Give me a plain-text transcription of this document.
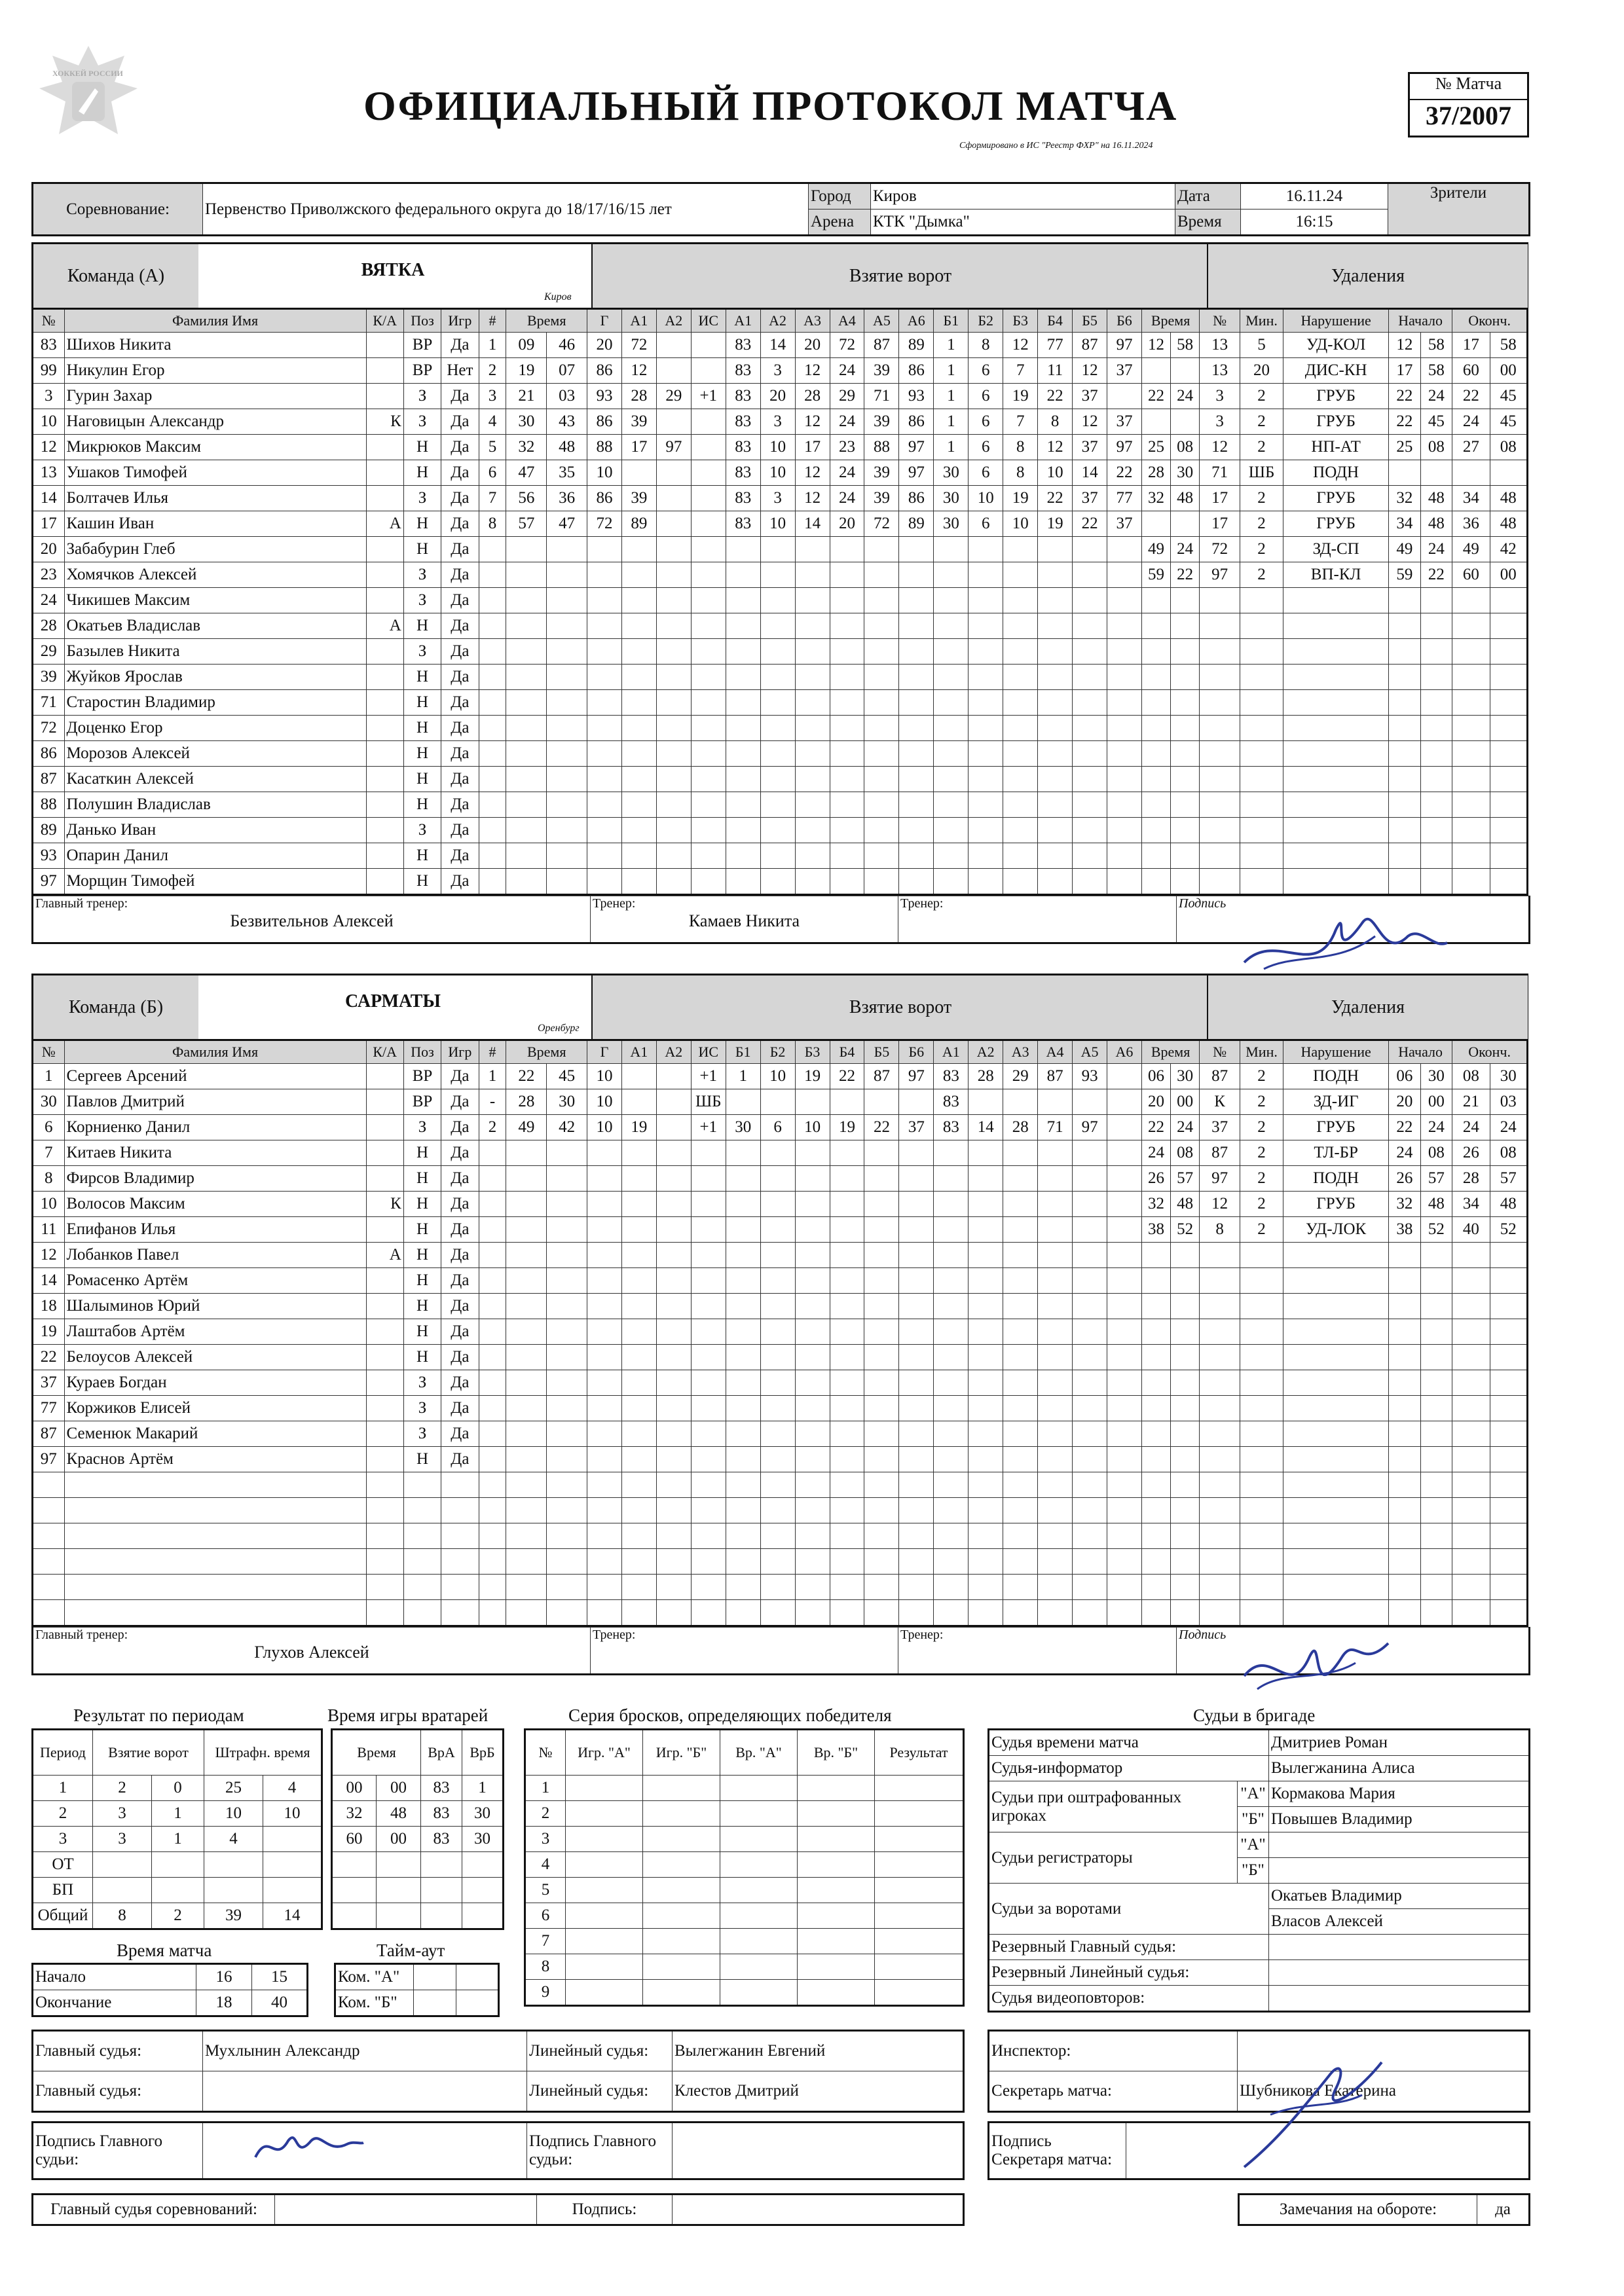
ХОККЕЙ РОССИИ
ОФИЦИАЛЬНЫЙ ПРОТОКОЛ МАТЧА
Сформировано в ИС "Реестр ФХР" на 16.11.2024
№ Матча
37/2007
Соревнование:	Первенство Приволжского федерального округа до 18/17/16/15 лет	Город	Киров	Дата	16.11.24	Зрители
		Арена	КТК "Дымка"	Время	16:15	
Команда (А)	ВЯТКА
Киров
Взятие ворот	Удаления
№	Фамилия Имя	К/А	Поз	Игр	#	Время		Г	А1	А2	ИС	А1	А2	А3	А4	А5	А6	Б1	Б2	Б3	Б4	Б5	Б6	Время		№	Мин.	Нарушение	Начало		Оконч.	
83	Шихов Никита		ВР	Да	1	09	46	20	72			83	14	20	72	87	89	1	8	12	77	87	97	12	58	13	5	УД-КОЛ	12	58	17	58
99	Никулин Егор		ВР	Нет	2	19	07	86	12			83	3	12	24	39	86	1	6	7	11	12	37			13	20	ДИС-КН	17	58	60	00
3	Гурин Захар		З	Да	3	21	03	93	28	29	+1	83	20	28	29	71	93	1	6	19	22	37		22	24	3	2	ГРУБ	22	24	22	45
10	Наговицын Александр	К	З	Да	4	30	43	86	39			83	3	12	24	39	86	1	6	7	8	12	37			3	2	ГРУБ	22	45	24	45
12	Микрюков Максим		Н	Да	5	32	48	88	17	97		83	10	17	23	88	97	1	6	8	12	37	97	25	08	12	2	НП-АТ	25	08	27	08
13	Ушаков Тимофей		Н	Да	6	47	35	10				83	10	12	24	39	97	30	6	8	10	14	22	28	30	71	ШБ	ПОДН				
14	Болтачев Илья		З	Да	7	56	36	86	39			83	3	12	24	39	86	30	10	19	22	37	77	32	48	17	2	ГРУБ	32	48	34	48
17	Кашин Иван	А	Н	Да	8	57	47	72	89			83	10	14	20	72	89	30	6	10	19	22	37			17	2	ГРУБ	34	48	36	48
20	Забабурин Глеб		Н	Да																				49	24	72	2	ЗД-СП	49	24	49	42
23	Хомячков Алексей		З	Да																				59	22	97	2	ВП-КЛ	59	22	60	00
24	Чикишев Максим		З	Да																												
28	Окатьев Владислав	А	Н	Да																												
29	Базылев Никита		З	Да																												
39	Жуйков Ярослав		Н	Да																												
71	Старостин Владимир		Н	Да																												
72	Доценко Егор		Н	Да																												
86	Морозов Алексей		Н	Да																												
87	Касаткин Алексей		Н	Да																												
88	Полушин Владислав		Н	Да																												
89	Данько Иван		З	Да																												
93	Опарин Данил		Н	Да																												
97	Морщин Тимофей		Н	Да																												
Главный тренер:
Безвительнов Алексей

Тренер:
Камаев Никита

Тренер:	Подпись
Команда (Б)	САРМАТЫ
Оренбург
Взятие ворот	Удаления
№	Фамилия Имя	К/А	Поз	Игр	#	Время		Г	А1	А2	ИС	Б1	Б2	Б3	Б4	Б5	Б6	А1	А2	А3	А4	А5	А6	Время		№	Мин.	Нарушение	Начало		Оконч.	
1	Сергеев Арсений		ВР	Да	1	22	45	10			+1	1	10	19	22	87	97	83	28	29	87	93		06	30	87	2	ПОДН	06	30	08	30
30	Павлов Дмитрий		ВР	Да	-	28	30	10			ШБ							83						20	00	К	2	ЗД-ИГ	20	00	21	03
6	Корниенко Данил		З	Да	2	49	42	10	19		+1	30	6	10	19	22	37	83	14	28	71	97		22	24	37	2	ГРУБ	22	24	24	24
7	Китаев Никита		Н	Да																				24	08	87	2	ТЛ-БР	24	08	26	08
8	Фирсов Владимир		Н	Да																				26	57	97	2	ПОДН	26	57	28	57
10	Волосов Максим	К	Н	Да																				32	48	12	2	ГРУБ	32	48	34	48
11	Епифанов Илья		Н	Да																				38	52	8	2	УД-ЛОК	38	52	40	52
12	Лобанков Павел	А	Н	Да																												
14	Ромасенко Артём		Н	Да																												
18	Шалыминов Юрий		Н	Да																												
19	Лаштабов Артём		Н	Да																												
22	Белоусов Алексей		Н	Да																												
37	Кураев Богдан		З	Да																												
77	Коржиков Елисей		З	Да																												
87	Семенюк Макарий		З	Да																												
97	Краснов Артём		Н	Да																												

Главный тренер:
Глухов Алексей

Тренер:	Тренер:	Подпись
Результат по периодам
Период	Взятие ворот		Штрафн. время	
1	2	0	25	4
2	3	1	10	10
3	3	1	4	
ОТ				
БП				
Общий	8	2	39	14
Время игры вратарей
Время		ВрА	ВрБ
00	00	83	1
32	48	83	30
60	00	83	30

Время матча
Начало	16	15
Окончание	18	40
Тайм-аут
Ком. "А"		
Ком. "Б"		
Серия бросков, определяющих победителя
№	Игр. "А"	Игр. "Б"	Вр. "А"	Вр. "Б"	Результат
1					
2					
3					
4					
5					
6					
7					
8					
9					
Судьи в бригаде
Судья времени матча		Дмитриев Роман
Судья-информатор		Вылегжанина Алиса
Судьи при оштрафованных игроках	"А"	Кормакова Мария
	"Б"	Повышев Владимир
Судьи регистраторы	"А"	
	"Б"	
Судьи за воротами		Окатьев Владимир
		Власов Алексей
Резервный Главный судья:		
Резервный Линейный судья:		
Судья видеоповторов:		
Главный судья:	Мухлынин Александр	Линейный судья:	Вылегжанин Евгений
Главный судья:		Линейный судья:	Клестов Дмитрий
Инспектор:	
Секретарь матча:	Шубникова Екатерина
Подпись Главного судьи:		Подпись Главного судьи:	
Подпись Секретаря матча:	
Главный судья соревнований:		Подпись:		Замечания на обороте:	да
